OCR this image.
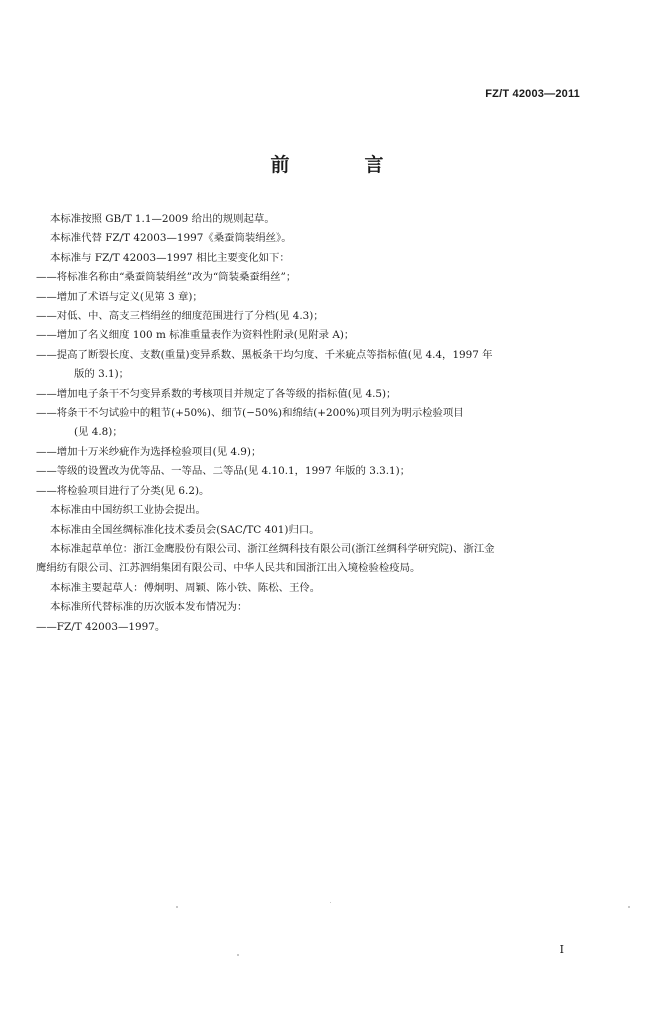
FZ/T 42003—2011
前　言

本标准按照 GB/T 1.1—2009 给出的规则起草。

本标准代替 FZ/T 42003—1997《桑蚕筒装绢丝》。

本标准与 FZ/T 42003—1997 相比主要变化如下：

——将标准名称由“桑蚕筒装绢丝”改为“筒装桑蚕绢丝”；

——增加了术语与定义(见第 3 章)；

——对低、中、高支三档绢丝的细度范围进行了分档(见 4.3)；

——增加了名义细度 100 m 标准重量表作为资料性附录(见附录 A)；

——提高了断裂长度、支数(重量)变异系数、黑板条干均匀度、千米疵点等指标值(见 4.4，1997 年

版的 3.1)；

——增加电子条干不匀变异系数的考核项目并规定了各等级的指标值(见 4.5)；

——将条干不匀试验中的粗节(+50%)、细节(−50%)和绵结(+200%)项目列为明示检验项目

(见 4.8)；

——增加十万米纱疵作为选择检验项目(见 4.9)；

——等级的设置改为优等品、一等品、二等品(见 4.10.1，1997 年版的 3.3.1)；

——将检验项目进行了分类(见 6.2)。

本标准由中国纺织工业协会提出。

本标准由全国丝绸标准化技术委员会(SAC/TC 401)归口。

本标准起草单位：浙江金鹰股份有限公司、浙江丝绸科技有限公司(浙江丝绸科学研究院)、浙江金

鹰绢纺有限公司、江苏泗绢集团有限公司、中华人民共和国浙江出入境检验检疫局。

本标准主要起草人：傅炯明、周颖、陈小铁、陈松、王伶。

本标准所代替标准的历次版本发布情况为：

——FZ/T 42003—1997。

I
